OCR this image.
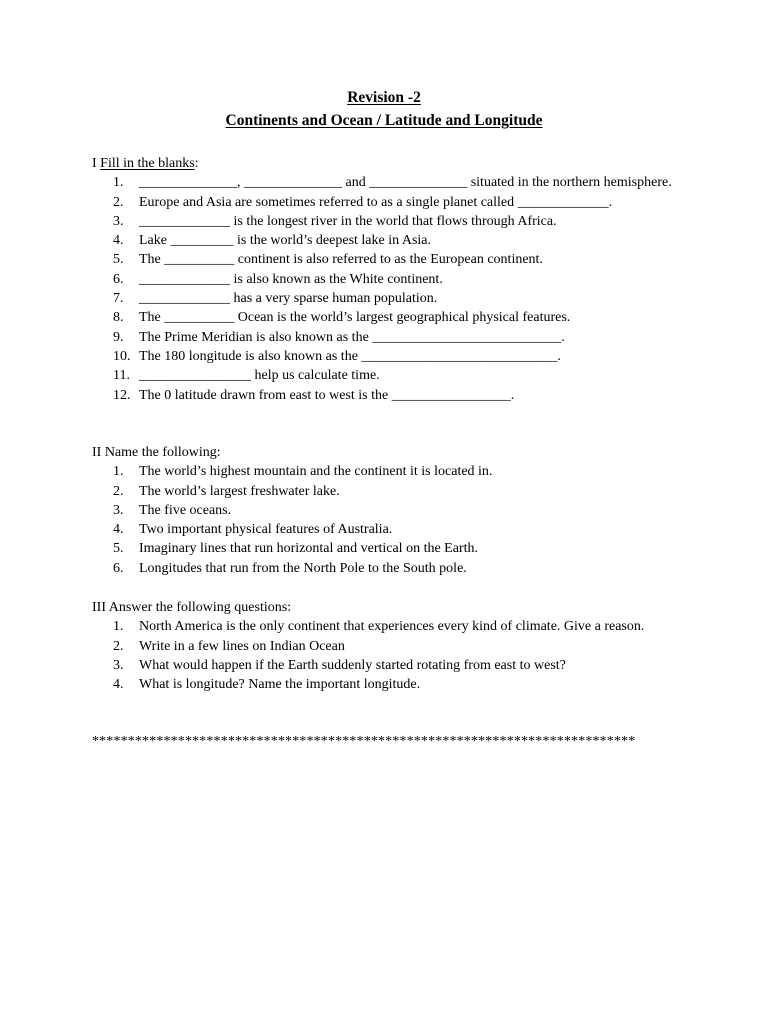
Revision -2
Continents and Ocean / Latitude and Longitude

I Fill in the blanks:

1. ______________, ______________ and ______________ situated in the northern hemisphere.
2. Europe and Asia are sometimes referred to as a single planet called _____________.
3. _____________ is the longest river in the world that flows through Africa.
4. Lake _________ is the world’s deepest lake in Asia.
5. The __________ continent is also referred to as the European continent.
6. _____________ is also known as the White continent.
7. _____________ has a very sparse human population.
8. The __________ Ocean is the world’s largest geographical physical features.
9. The Prime Meridian is also known as the ___________________________.
10. The 180 longitude is also known as the ____________________________.
11. ________________ help us calculate time.
12. The 0 latitude drawn from east to west is the _________________.

II Name the following:

1. The world’s highest mountain and the continent it is located in.
2. The world’s largest freshwater lake.
3. The five oceans.
4. Two important physical features of Australia.
5. Imaginary lines that run horizontal and vertical on the Earth.
6. Longitudes that run from the North Pole to the South pole.

III Answer the following questions:

1. North America is the only continent that experiences every kind of climate. Give a reason.
2. Write in a few lines on Indian Ocean
3. What would happen if the Earth suddenly started rotating from east to west?
4. What is longitude? Name the important longitude.
****************************************************************************
